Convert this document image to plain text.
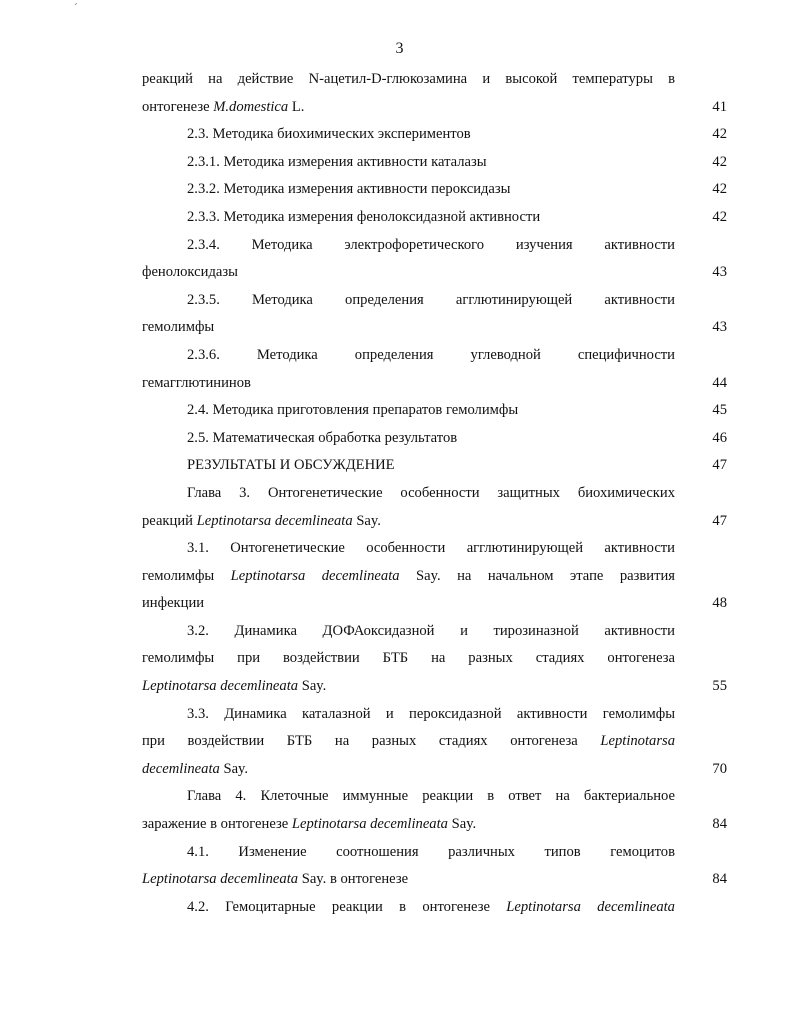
ˊ
3
реакций на действие N-ацетил-D-глюкозамина и высокой температуры в
онтогенезе M.domestica L.	41
2.3. Методика биохимических экспериментов	42
2.3.1. Методика измерения активности каталазы	42
2.3.2. Методика измерения активности пероксидазы	42
2.3.3. Методика измерения фенолоксидазной активности	42
2.3.4. Методика электрофоретического изучения активности
фенолоксидазы	43
2.3.5. Методика определения агглютинирующей активности
гемолимфы	43
2.3.6. Методика определения углеводной специфичности
гемагглютининов	44
2.4. Методика приготовления препаратов гемолимфы	45
2.5. Математическая обработка результатов	46
РЕЗУЛЬТАТЫ И ОБСУЖДЕНИЕ	47
Глава 3. Онтогенетические особенности защитных биохимических
реакций Leptinotarsa decemlineata Say.	47
3.1. Онтогенетические особенности агглютинирующей активности
гемолимфы Leptinotarsa decemlineata Say. на начальном этапе развития
инфекции	48
3.2. Динамика ДОФАоксидазной и тирозиназной активности
гемолимфы при воздействии БТБ на разных стадиях онтогенеза
Leptinotarsa decemlineata Say.	55
3.3. Динамика каталазной и пероксидазной активности гемолимфы
при воздействии БТБ на разных стадиях онтогенеза Leptinotarsa
decemlineata Say.	70
Глава 4. Клеточные иммунные реакции в ответ на бактериальное
заражение в онтогенезе Leptinotarsa decemlineata Say.	84
4.1. Изменение соотношения различных типов гемоцитов
Leptinotarsa decemlineata Say. в онтогенезе	84
4.2. Гемоцитарные реакции в онтогенезе Leptinotarsa decemlineata
